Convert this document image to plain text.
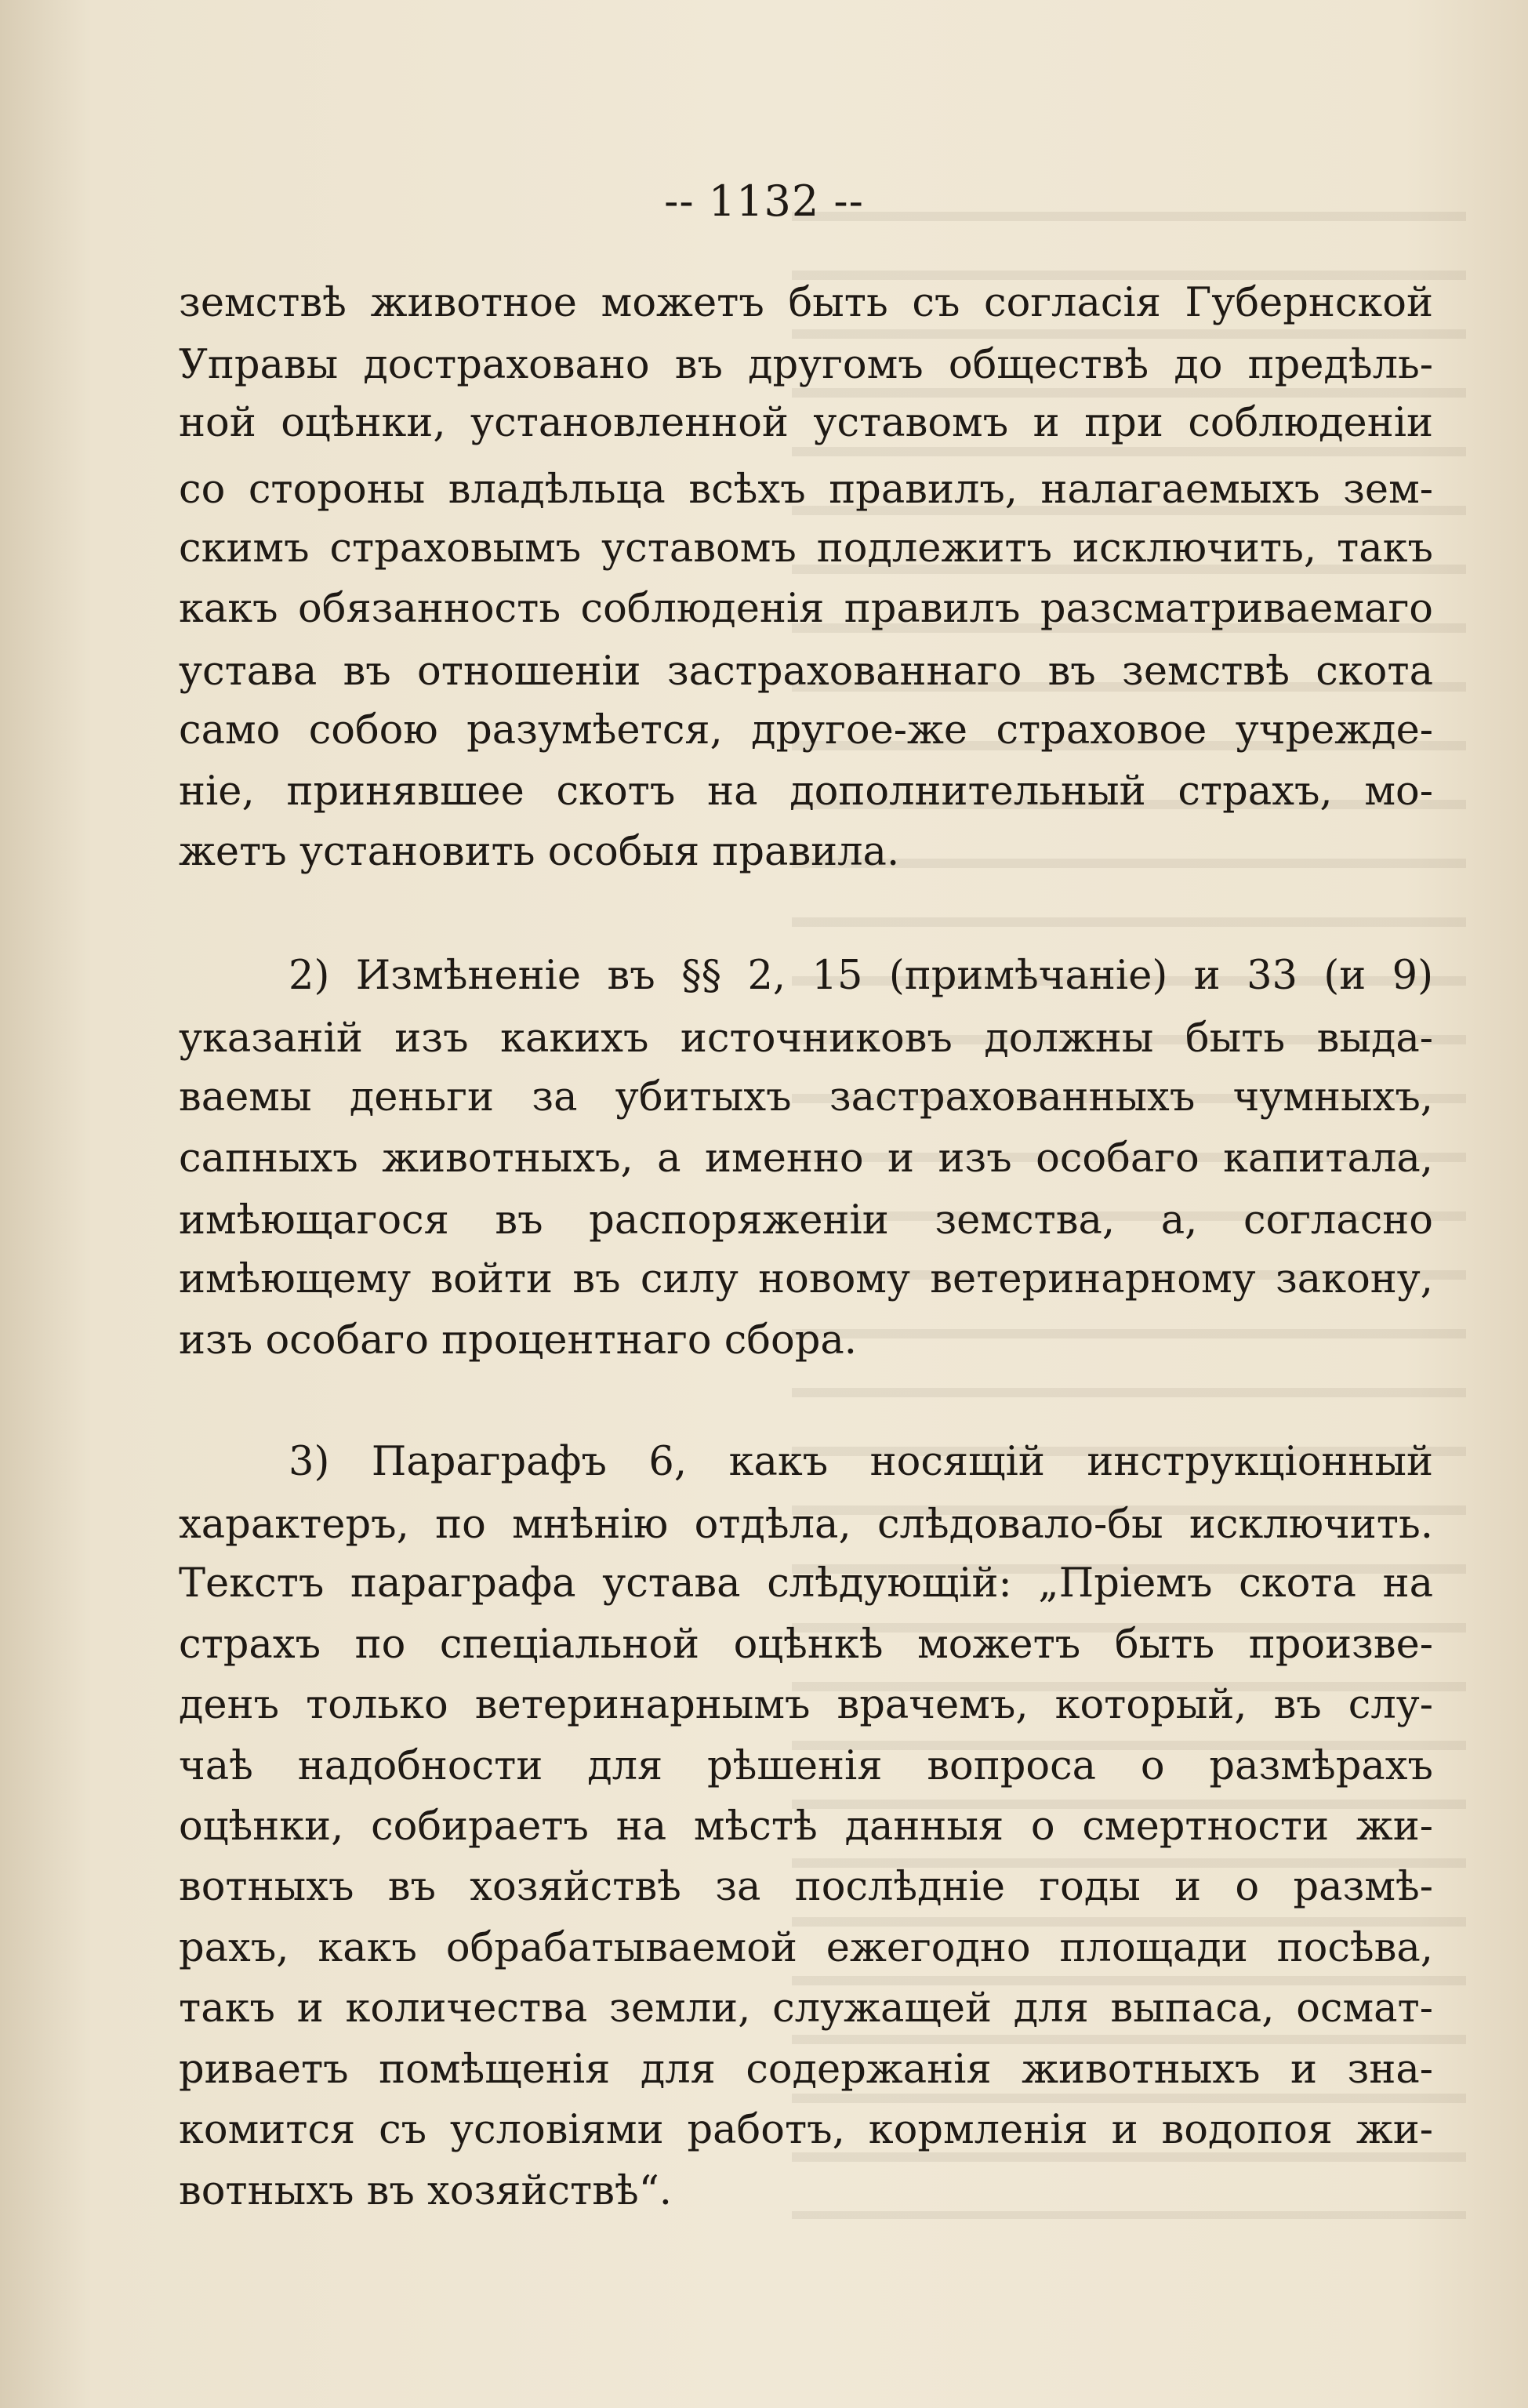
-- 1132 --
земствѣ животное можетъ быть съ согласія Губернской
Управы дострахoвано въ другомъ обществѣ до предѣль-
ной оцѣнки, установленной уставомъ и при соблюденіи
со стороны владѣльца всѣхъ правилъ, налагаемыхъ зем-
скимъ страховымъ уставомъ подлежитъ исключить, такъ
какъ обязанность соблюденія правилъ разсматриваемаго
устава въ отношеніи застрахованнаго въ земствѣ скота
само собою разумѣется, другое-же страховое учрежде-
ніе, принявшее скотъ на дополнительный страхъ, мо-
жетъ установить особыя правила.
2) Измѣненіе въ §§ 2, 15 (примѣчаніе) и 33 (и 9)
указаній изъ какихъ источниковъ должны быть выда-
ваемы деньги за убитыхъ застрахованныхъ чумныхъ,
сапныхъ животныхъ, а именно и изъ особаго капитала,
имѣющагося въ распоряженіи земства, а, согласно
имѣющему войти въ силу новому ветеринарному закону,
изъ особаго процентнаго сбора.
3) Параграфъ 6, какъ носящій инструкціонный
характеръ, по мнѣнію отдѣла, слѣдовало-бы исключить.
Текстъ параграфа устава слѣдующій: „Пріемъ скота на
страхъ по спеціальной оцѣнкѣ можетъ быть произве-
денъ только ветеринарнымъ врачемъ, который, въ слу-
чаѣ надобности для рѣшенія вопроса о размѣрахъ
оцѣнки, собираетъ на мѣстѣ данныя о смертности жи-
вотныхъ въ хозяйствѣ за послѣдніе годы и о размѣ-
рахъ, какъ обрабатываемой ежегодно площади посѣва,
такъ и количества земли, служащей для выпаса, осмат-
риваетъ помѣщенія для содержанія животныхъ и зна-
комится съ условіями работъ, кормленія и водопоя жи-
вотныхъ въ хозяйствѣ“.
